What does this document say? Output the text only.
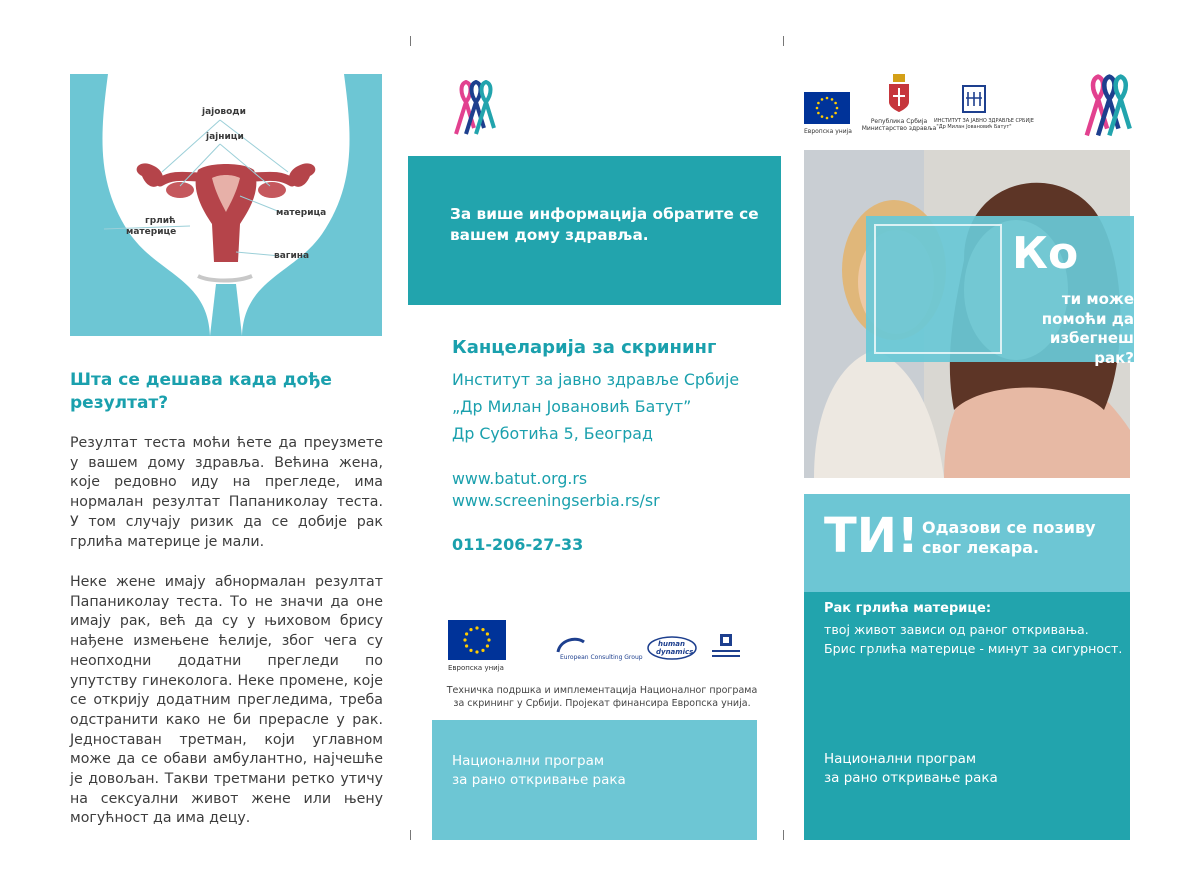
јајоводи
јајници
грлић
материце
материца
вагина
Шта се дешава када дође
резултат?

Резултат теста моћи ћете да преузмете у вашем дому здравља. Већина жена, које редовно иду на прегледе, има нормалан резултат Папаниколау теста. У том случају ризик да се добије рак грлића материце је мали.

Неке жене имају абнормалан резултат Папаниколау теста. То не значи да оне имају рак, већ да су у њиховом брису нађене измењене ћелије, због чега су неопходни додатни прегледи по упутству гинеколога. Неке промене, које се открију додатним прегледима, треба одстранити како не би прерасле у рак. Једноставан третман, који углавном може да се обави амбулантно, најчешће је довољан. Такви третмани ретко утичу на сексуални живот жене или њену могућност да има децу.

За више информација обратите се
вашем дому здравља.
Канцеларија за скрининг
Институт за јавно здравље Србије
„Др Милан Јовановић Батут”
Др Суботића 5, Београд
www.batut.org.rs
www.screeningserbia.rs/sr
011-206-27-33
Европска унија
European Consulting Group
human
dynamics
Техничка подршка и имплементација Националног програма
за скрининг у Србији. Пројекат финансира Европска унија.
Национални програм
за рано откривање рака
Европска унија
Република Србија
Министарство здравља
ИНСТИТУТ ЗА ЈАВНО ЗДРАВЉЕ СРБИЈЕ
"Др Милан Јовановић Батут"
Ко
ти може
помоћи да
избегнеш рак?
ТИ! Одазови се позиву
свог лекара.
Рак грлића материце:
твој живот зависи од раног откривања.
Брис грлића материце - минут за сигурност.
Национални програм
за рано откривање рака
